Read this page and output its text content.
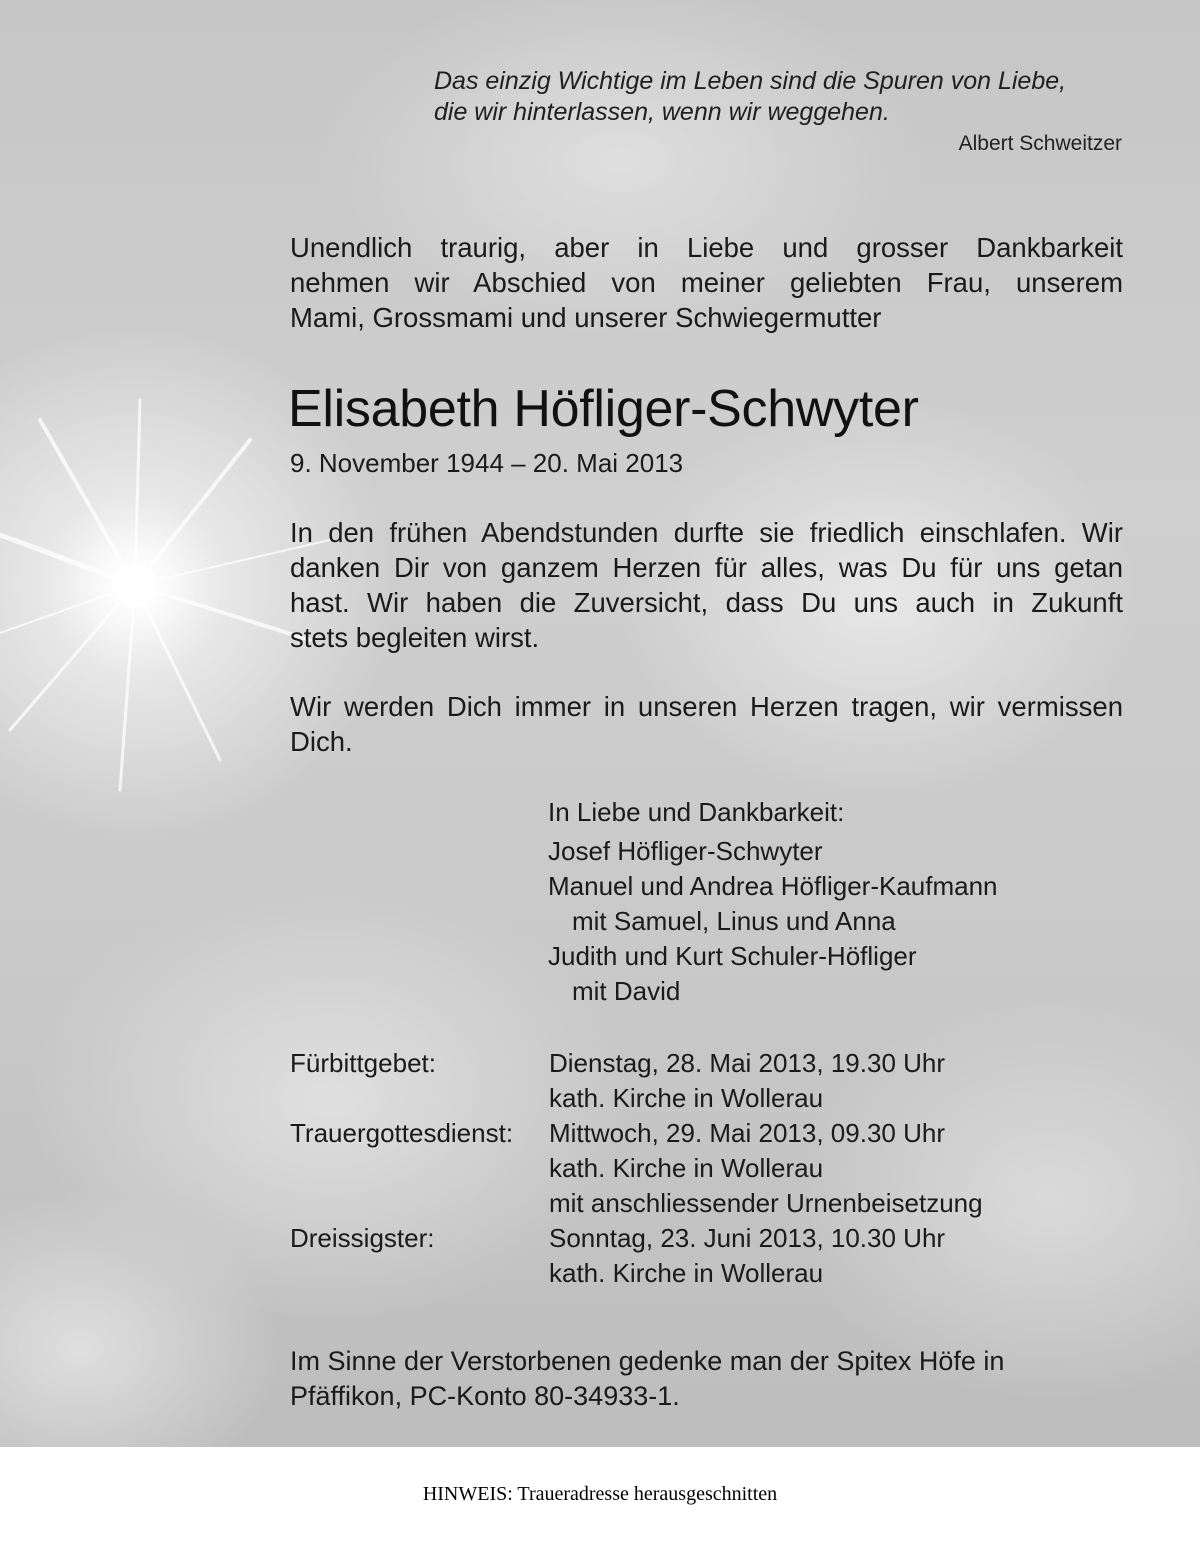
Das einzig Wichtige im Leben sind die Spuren von Liebe,
die wir hinterlassen, wenn wir weggehen.
Albert Schweitzer
Unendlich traurig, aber in Liebe und grosser Dankbarkeit
nehmen wir Abschied von meiner geliebten Frau, unserem
Mami, Grossmami und unserer Schwiegermutter
Elisabeth Höfliger-Schwyter
9. November 1944 – 20. Mai 2013
In den frühen Abendstunden durfte sie friedlich einschlafen. Wir
danken Dir von ganzem Herzen für alles, was Du für uns getan
hast. Wir haben die Zuversicht, dass Du uns auch in Zukunft
stets begleiten wirst.
Wir werden Dich immer in unseren Herzen tragen, wir vermissen
Dich.
In Liebe und Dankbarkeit:
Josef Höfliger-Schwyter
Manuel und Andrea Höfliger-Kaufmann
mit Samuel, Linus und Anna
Judith und Kurt Schuler-Höfliger
mit David
Fürbittgebet:	Dienstag, 28. Mai 2013, 19.30 Uhr
kath. Kirche in Wollerau
Trauergottesdienst:	Mittwoch, 29. Mai 2013, 09.30 Uhr
kath. Kirche in Wollerau
mit anschliessender Urnenbeisetzung
Dreissigster:	Sonntag, 23. Juni 2013, 10.30 Uhr
kath. Kirche in Wollerau
Im Sinne der Verstorbenen gedenke man der Spitex Höfe in
Pfäffikon, PC-Konto 80-34933-1.
HINWEIS: Traueradresse herausgeschnitten
